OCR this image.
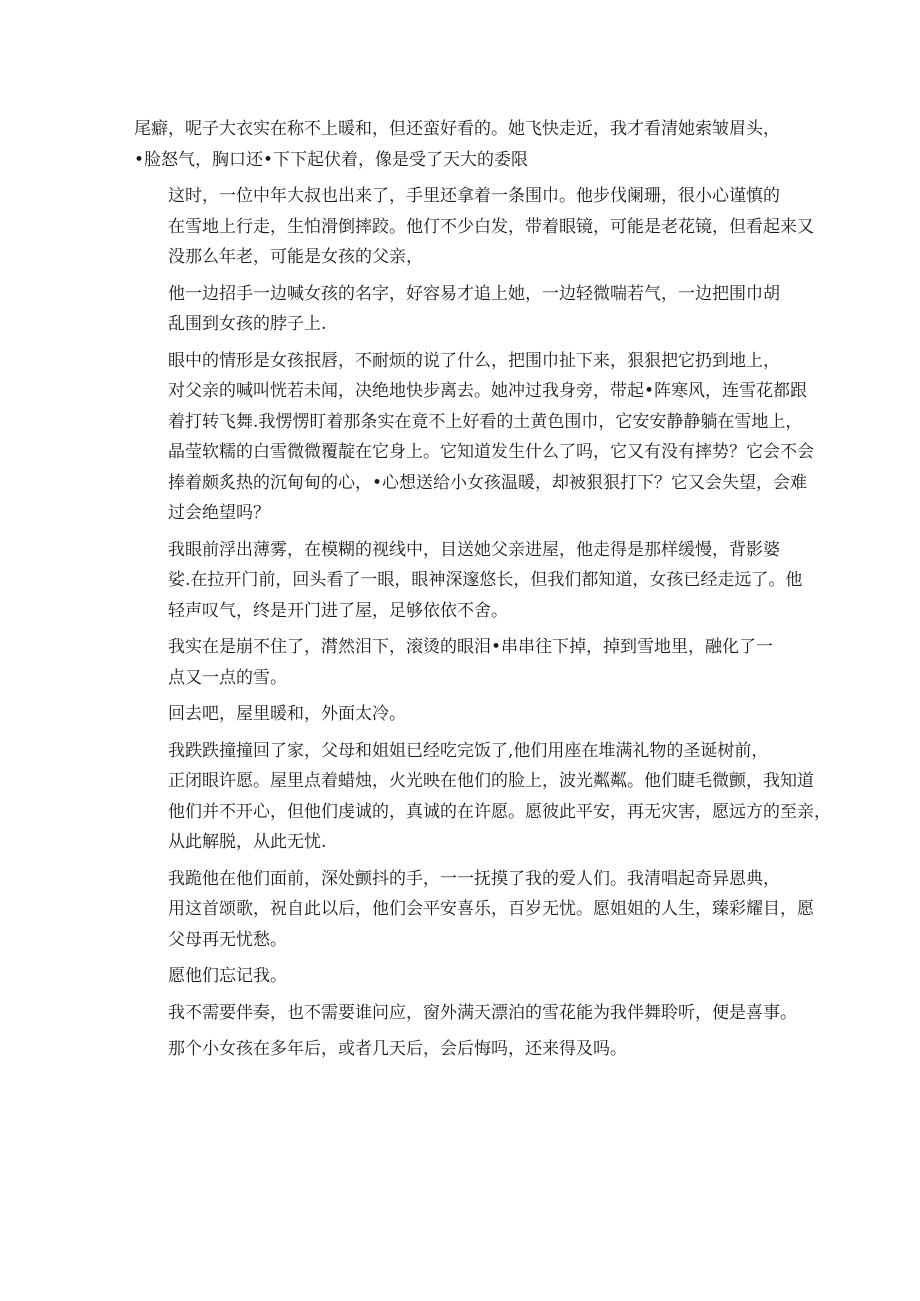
尾癖，呢子大衣实在称不上暖和，但还蛮好看的。她飞快走近，我才看清她索皱眉头，
•脸怒气，胸口还•下下起伏着，像是受了天大的委限

这时，一位中年大叔也出来了，手里还拿着一条围巾。他步伐阑珊，很小心谨慎的
在雪地上行走，生怕滑倒摔跤。他仃不少白发，带着眼镜，可能是老花镜，但看起来又
没那么年老，可能是女孩的父亲，

他一边招手一边喊女孩的名字，好容易才追上她，一边轻微喘若气，一边把围巾胡
乱围到女孩的脖子上.

眼中的情形是女孩抿唇，不耐烦的说了什么，把围巾扯下来，狠狠把它扔到地上，
对父亲的喊叫恍若未闻，决绝地快步离去。她冲过我身旁，带起•阵寒风，连雪花都跟
着打转飞舞.我愣愣盯着那条实在竟不上好看的土黄色围巾，它安安静静躺在雪地上，
晶莹软糯的白雪微微覆靛在它身上。它知道发生什么了吗，它又有没有摔势？它会不会
捧着颇炙热的沉甸甸的心，•心想送给小女孩温暖，却被狠狠打下？它又会失望，会难
过会绝望吗？

我眼前浮出薄雾，在模糊的视线中，目送她父亲进屋，他走得是那样缓慢，背影婆
娑.在拉开门前，回头看了一眼，眼神深邃悠长，但我们都知道，女孩已经走远了。他
轻声叹气，终是开门进了屋，足够依依不舍。

我实在是崩不住了，潸然泪下，滚烫的眼泪•串串往下掉，掉到雪地里，融化了一
点又一点的雪。

回去吧，屋里暖和，外面太冷。

我跌跌撞撞回了家，父母和姐姐已经吃完饭了,他们用座在堆满礼物的圣诞树前，
正闭眼许愿。屋里点着蜡烛，火光映在他们的脸上，波光粼粼。他们睫毛微颤，我知道
他们并不开心，但他们虔诚的，真诚的在许愿。愿彼此平安，再无灾害，愿远方的至亲，
从此解脱，从此无忧.

我跪他在他们面前，深处颤抖的手，一一抚摸了我的爱人们。我清唱起奇异恩典，
用这首颂歌，祝自此以后，他们会平安喜乐，百岁无忧。愿姐姐的人生，臻彩耀目，愿
父母再无忧愁。

愿他们忘记我。

我不需要伴奏，也不需要谁问应，窗外满天漂泊的雪花能为我伴舞聆听，便是喜事。

那个小女孩在多年后，或者几天后，会后悔吗，还来得及吗。
